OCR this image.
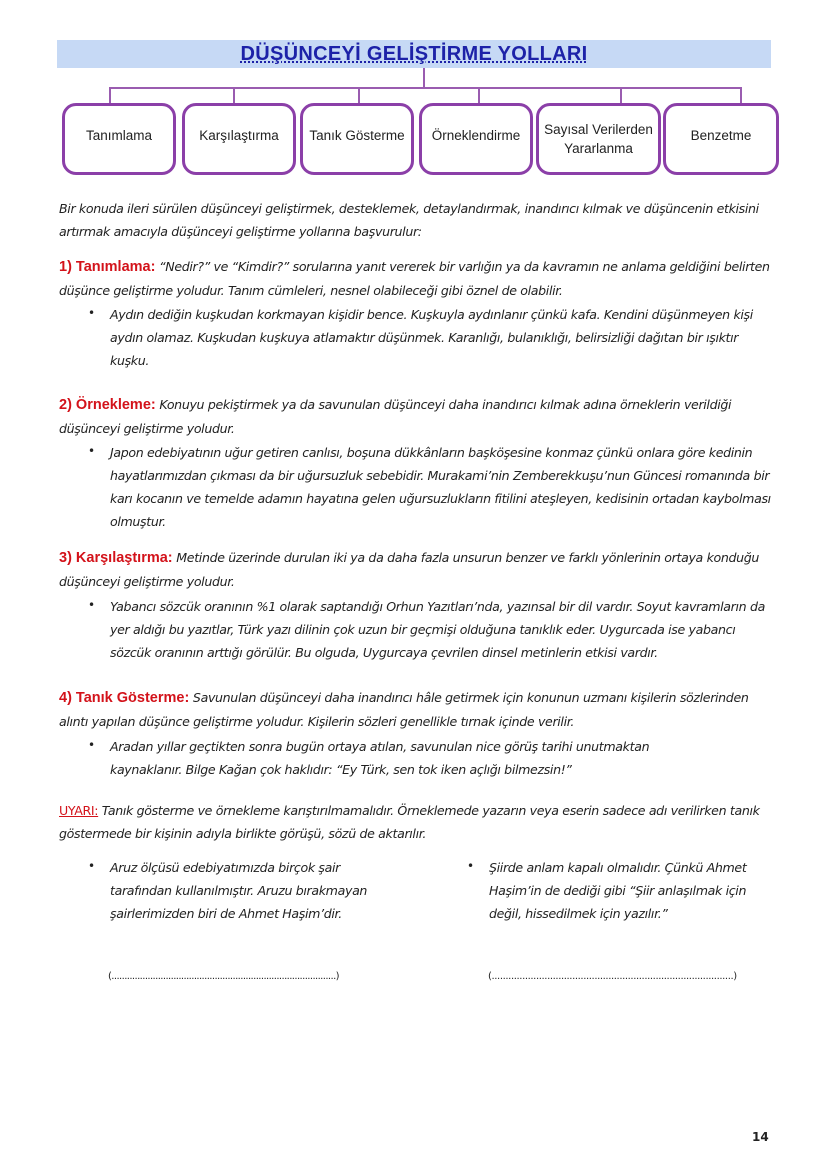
DÜŞÜNCEYİ GELİŞTİRME YOLLARI
Tanımlama	Karşılaştırma	Tanık Gösterme	Örneklendirme	Sayısal Verilerden Yararlanma
Benzetme
Bir konuda ileri sürülen düşünceyi geliştirmek, desteklemek, detaylandırmak, inandırıcı kılmak ve düşüncenin etkisini artırmak amacıyla düşünceyi geliştirme yollarına başvurulur:
1) Tanımlama: “Nedir?” ve “Kimdir?” sorularına yanıt vererek bir varlığın ya da kavramın ne anlama geldiğini belirten düşünce geliştirme yoludur. Tanım cümleleri, nesnel olabileceği gibi öznel de olabilir.
• Aydın dediğin kuşkudan korkmayan kişidir bence. Kuşkuyla aydınlanır çünkü kafa. Kendini düşünmeyen kişi aydın olamaz. Kuşkudan kuşkuya atlamaktır düşünmek. Karanlığı, bulanıklığı, belirsizliği dağıtan bir ışıktır kuşku.
2) Örnekleme: Konuyu pekiştirmek ya da savunulan düşünceyi daha inandırıcı kılmak adına örneklerin verildiği düşünceyi geliştirme yoludur.
• Japon edebiyatının uğur getiren canlısı, boşuna dükkânların başköşesine konmaz çünkü onlara göre kedinin hayatlarımızdan çıkması da bir uğursuzluk sebebidir. Murakami’nin Zemberekkuşu’nun Güncesi romanında bir karı kocanın ve temelde adamın hayatına gelen uğursuzlukların fitilini ateşleyen, kedisinin ortadan kaybolması olmuştur.
3) Karşılaştırma: Metinde üzerinde durulan iki ya da daha fazla unsurun benzer ve farklı yönlerinin ortaya konduğu düşünceyi geliştirme yoludur.
• Yabancı sözcük oranının %1 olarak saptandığı Orhun Yazıtları’nda, yazınsal bir dil vardır. Soyut kavramların da yer aldığı bu yazıtlar, Türk yazı dilinin çok uzun bir geçmişi olduğuna tanıklık eder. Uygurcada ise yabancı sözcük oranının arttığı görülür. Bu olguda, Uygurcaya çevrilen dinsel metinlerin etkisi vardır.
4) Tanık Gösterme: Savunulan düşünceyi daha inandırıcı hâle getirmek için konunun uzmanı kişilerin sözlerinden alıntı yapılan düşünce geliştirme yoludur. Kişilerin sözleri genellikle tırnak içinde verilir.
• Aradan yıllar geçtikten sonra bugün ortaya atılan, savunulan nice görüş tarihi unutmaktan kaynaklanır. Bilge Kağan çok haklıdır: “Ey Türk, sen tok iken açlığı bilmezsin!”
UYARI: Tanık gösterme ve örnekleme karıştırılmamalıdır. Örneklemede yazarın veya eserin sadece adı verilirken tanık göstermede bir kişinin adıyla birlikte görüşü, sözü de aktarılır.
• Aruz ölçüsü edebiyatımızda birçok şair tarafından kullanılmıştır. Aruzu bırakmayan şairlerimizden biri de Ahmet Haşim’dir.
(.......................................................................................)
• Şiirde anlam kapalı olmalıdır. Çünkü Ahmet Haşim’in de dediği gibi “Şiir anlaşılmak için değil, hissedilmek için yazılır.”
(.......................................................................................)
14
